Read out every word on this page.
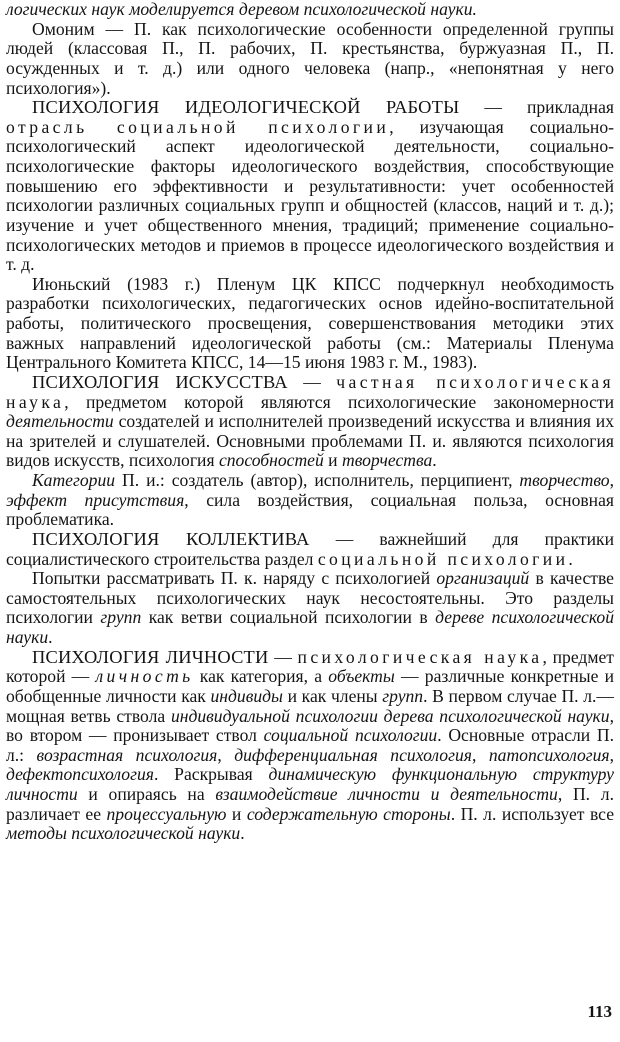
логических наук моделируется деревом психологической науки.

Омоним — П. как психологические особенности определенной группы людей (классовая П., П. рабочих, П. крестьянства, буржуазная П., П. осужденных и т. д.) или одного человека (напр., «непонятная у него психология»).

ПСИХОЛОГИЯ ИДЕОЛОГИЧЕСКОЙ РАБОТЫ — прикладная отрасль социальной психологии, изучающая социально-психологический аспект идеологической деятельности, социально-психологические факторы идеологического воздействия, способствующие повышению его эффективности и результативности: учет особенностей психологии различных социальных групп и общностей (классов, наций и т. д.); изучение и учет общественного мнения, традиций; применение социально-психологических методов и приемов в процессе идеологического воздействия и т. д.

Июньский (1983 г.) Пленум ЦК КПСС подчеркнул необходимость разработки психологических, педагогических основ идейно-воспитательной работы, политического просвещения, совершенствования методики этих важных направлений идеологической работы (см.: Материалы Пленума Центрального Комитета КПСС, 14—15 июня 1983 г. М., 1983).

ПСИХОЛОГИЯ ИСКУССТВА — частная психологическая наука, предметом которой являются психологические закономерности деятельности создателей и исполнителей произведений искусства и влияния их на зрителей и слушателей. Основными проблемами П. и. являются психология видов искусств, психология способностей и творчества.

Категории П. и.: создатель (автор), исполнитель, перципиент, творчество, эффект присутствия, сила воздействия, социальная польза, основная проблематика.

ПСИХОЛОГИЯ КОЛЛЕКТИВА — важнейший для практики социалистического строительства раздел социальной психологии.

Попытки рассматривать П. к. наряду с психологией организаций в качестве самостоятельных психологических наук несостоятельны. Это разделы психологии групп как ветви социальной психологии в дереве психологической науки.

ПСИХОЛОГИЯ ЛИЧНОСТИ — психологическая наука, предмет которой — личность как категория, а объекты — различные конкретные и обобщенные личности как индивиды и как члены групп. В первом случае П. л.— мощная ветвь ствола индивидуальной психологии дерева психологической науки, во втором — пронизывает ствол социальной психологии. Основные отрасли П. л.: возрастная психология, дифференциальная психология, патопсихология, дефектопсихология. Раскрывая динамическую функциональную структуру личности и опираясь на взаимодействие личности и деятельности, П. л. различает ее процессуальную и содержательную стороны. П. л. использует все методы психологической науки.

113
